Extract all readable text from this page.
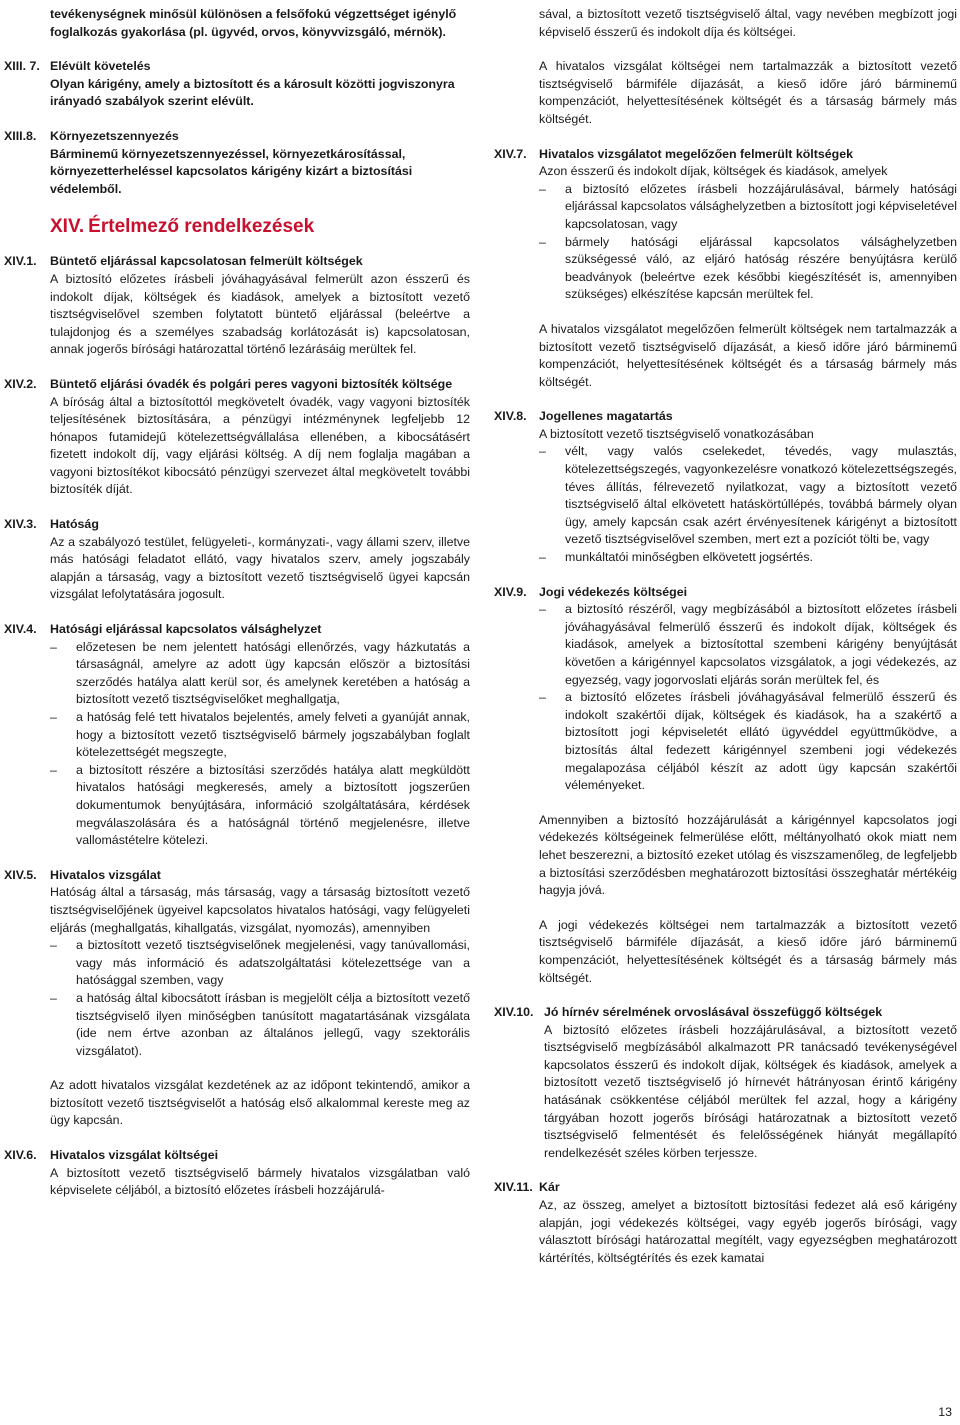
tevékenységnek minősül különösen a felsőfokú végzettséget igénylő foglalkozás gyakorlása (pl. ügyvéd, orvos, könyvvizsgáló, mérnök).
XIII. 7. Elévült követelés
Olyan kárigény, amely a biztosított és a károsult közötti jogviszonyra irányadó szabályok szerint elévült.
XIII.8. Környezetszennyezés
Bárminemű környezetszennyezéssel, környezetkárosítással, környezetterheléssel kapcsolatos kárigény kizárt a biztosítási védelemből.
XIV. Értelmező rendelkezések
XIV.1. Büntető eljárással kapcsolatosan felmerült költségek

A biztosító előzetes írásbeli jóváhagyásával felmerült azon ésszerű és indokolt díjak, költségek és kiadások, amelyek a biztosított vezető tisztségviselővel szemben folytatott büntető eljárással (beleértve a tulajdonjog és a személyes szabadság korlátozását is) kapcsolatosan, annak jogerős bírósági határozattal történő lezárásáig merültek fel.

XIV.2. Büntető eljárási óvadék és polgári peres vagyoni biztosíték költsége

A bíróság által a biztosítottól megkövetelt óvadék, vagy vagyoni biztosíték teljesítésének biztosítására, a pénzügyi intézménynek legfeljebb 12 hónapos futamidejű kötelezettségvállalása ellenében, a kibocsátásért fizetett indokolt díj, vagy eljárási költség. A díj nem foglalja magában a vagyoni biztosítékot kibocsátó pénzügyi szervezet által megkövetelt további biztosíték díját.

XIV.3. Hatóság

Az a szabályozó testület, felügyeleti-, kormányzati-, vagy állami szerv, illetve más hatósági feladatot ellátó, vagy hivatalos szerv, amely jogszabály alapján a társaság, vagy a biztosított vezető tisztségviselő ügyei kapcsán vizsgálat lefolytatására jogosult.

XIV.4. Hatósági eljárással kapcsolatos válsághelyzet
– előzetesen be nem jelentett hatósági ellenőrzés, vagy házkutatás a társaságnál, amelyre az adott ügy kapcsán először a biztosítási szerződés hatálya alatt kerül sor, és amelynek keretében a hatóság a biztosított vezető tisztségviselőket meghallgatja,
– a hatóság felé tett hivatalos bejelentés, amely felveti a gyanúját annak, hogy a biztosított vezető tisztségviselő bármely jogszabályban foglalt kötelezettségét megszegte,
– a biztosított részére a biztosítási szerződés hatálya alatt megküldött hivatalos hatósági megkeresés, amely a biztosított jogszerűen dokumentumok benyújtására, információ szolgáltatására, kérdések megválaszolására és a hatóságnál történő megjelenésre, illetve vallomástételre kötelezi.
XIV.5. Hivatalos vizsgálat
Hatóság által a társaság, más társaság, vagy a társaság biztosított vezető tisztségviselőjének ügyeivel kapcsolatos hivatalos hatósági, vagy felügyeleti eljárás (meghallgatás, kihallgatás, vizsgálat, nyomozás), amennyiben
– a biztosított vezető tisztségviselőnek megjelenési, vagy tanúvallomási, vagy más információ és adatszolgáltatási kötelezettsége van a hatósággal szemben, vagy
– a hatóság által kibocsátott írásban is megjelölt célja a biztosított vezető tisztségviselő ilyen minőségben tanúsított magatartásának vizsgálata (ide nem értve azonban az általános jellegű, vagy szektorális vizsgálatot).

Az adott hivatalos vizsgálat kezdetének az az időpont tekintendő, amikor a biztosított vezető tisztségviselőt a hatóság első alkalommal kereste meg az ügy kapcsán.

XIV.6. Hivatalos vizsgálat költségei

A biztosított vezető tisztségviselő bármely hivatalos vizsgálatban való képviselete céljából, a biztosító előzetes írásbeli hozzájárulá-

sával, a biztosított vezető tisztségviselő által, vagy nevében megbízott jogi képviselő ésszerű és indokolt díja és költségei.

A hivatalos vizsgálat költségei nem tartalmazzák a biztosított vezető tisztségviselő bármiféle díjazását, a kieső időre járó bárminemű kompenzációt, helyettesítésének költségét és a társaság bármely más költségét.

XIV.7. Hivatalos vizsgálatot megelőzően felmerült költségek
Azon ésszerű és indokolt díjak, költségek és kiadások, amelyek
– a biztosító előzetes írásbeli hozzájárulásával, bármely hatósági eljárással kapcsolatos válsághelyzetben a biztosított jogi képviseletével kapcsolatosan, vagy
– bármely hatósági eljárással kapcsolatos válsághelyzetben szükségessé váló, az eljáró hatóság részére benyújtásra kerülő beadványok (beleértve ezek későbbi kiegészítését is, amennyiben szükséges) elkészítése kapcsán merültek fel.

A hivatalos vizsgálatot megelőzően felmerült költségek nem tartalmazzák a biztosított vezető tisztségviselő díjazását, a kieső időre járó bárminemű kompenzációt, helyettesítésének költségét és a társaság bármely más költségét.

XIV.8. Jogellenes magatartás
A biztosított vezető tisztségviselő vonatkozásában
– vélt, vagy valós cselekedet, tévedés, vagy mulasztás, kötelezettségszegés, vagyonkezelésre vonatkozó kötelezettségszegés, téves állítás, félrevezető nyilatkozat, vagy a biztosított vezető tisztségviselő által elkövetett hatáskörtúllépés, továbbá bármely olyan ügy, amely kapcsán csak azért érvényesítenek kárigényt a biztosított vezető tisztségviselővel szemben, mert ezt a pozíciót tölti be, vagy
– munkáltatói minőségben elkövetett jogsértés.
XIV.9. Jogi védekezés költségei
– a biztosító részéről, vagy megbízásából a biztosított előzetes írásbeli jóváhagyásával felmerülő ésszerű és indokolt díjak, költségek és kiadások, amelyek a biztosítottal szembeni kárigény benyújtását követően a kárigénnyel kapcsolatos vizsgálatok, a jogi védekezés, az egyezség, vagy jogorvoslati eljárás során merültek fel, és
– a biztosító előzetes írásbeli jóváhagyásával felmerülő ésszerű és indokolt szakértői díjak, költségek és kiadások, ha a szakértő a biztosított jogi képviseletét ellátó ügyvéddel együttműködve, a biztosítás által fedezett kárigénnyel szembeni jogi védekezés megalapozása céljából készít az adott ügy kapcsán szakértői véleményeket.

Amennyiben a biztosító hozzájárulását a kárigénnyel kapcsolatos jogi védekezés költségeinek felmerülése előtt, méltányolható okok miatt nem lehet beszerezni, a biztosító ezeket utólag és viszszamenőleg, de legfeljebb a biztosítási szerződésben meghatározott biztosítási összeghatár mértékéig hagyja jóvá.

A jogi védekezés költségei nem tartalmazzák a biztosított vezető tisztségviselő bármiféle díjazását, a kieső időre járó bárminemű kompenzációt, helyettesítésének költségét és a társaság bármely más költségét.

XIV.10. Jó hírnév sérelmének orvoslásával összefüggő költségek

A biztosító előzetes írásbeli hozzájárulásával, a biztosított vezető tisztségviselő megbízásából alkalmazott PR tanácsadó tevékenységével kapcsolatos ésszerű és indokolt díjak, költségek és kiadások, amelyek a biztosított vezető tisztségviselő jó hírnevét hátrányosan érintő kárigény hatásának csökkentése céljából merültek fel azzal, hogy a kárigény tárgyában hozott jogerős bírósági határozatnak a biztosított vezető tisztségviselő felmentését és felelősségének hiányát megállapító rendelkezését széles körben terjessze.

XIV.11. Kár

Az, az összeg, amelyet a biztosított biztosítási fedezet alá eső kárigény alapján, jogi védekezés költségei, vagy egyéb jogerős bírósági, vagy választott bírósági határozattal megítélt, vagy egyezségben meghatározott kártérítés, költségtérítés és ezek kamatai

13
